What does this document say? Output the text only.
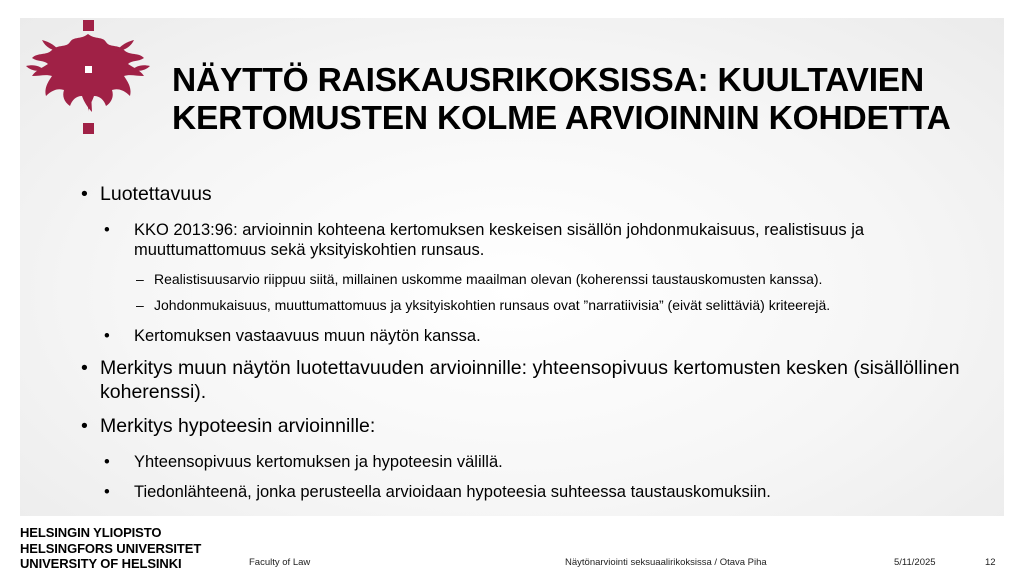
NÄYTTÖ RAISKAUSRIKOKSISSA: KUULTAVIEN KERTOMUSTEN KOLME ARVIOINNIN KOHDETTA
• Luotettavuus
• KKO 2013:96: arvioinnin kohteena kertomuksen keskeisen sisällön johdonmukaisuus, realistisuus ja muuttumattomuus sekä yksityiskohtien runsaus.
– Realistisuusarvio riippuu siitä, millainen uskomme maailman olevan (koherenssi taustauskomusten kanssa).
– Johdonmukaisuus, muuttumattomuus ja yksityiskohtien runsaus ovat ”narratiivisia” (eivät selittäviä) kriteerejä.
• Kertomuksen vastaavuus muun näytön kanssa.
• Merkitys muun näytön luotettavuuden arvioinnille: yhteensopivuus kertomusten kesken (sisällöllinen koherenssi).
• Merkitys hypoteesin arvioinnille:
• Yhteensopivuus kertomuksen ja hypoteesin välillä.
• Tiedonlähteenä, jonka perusteella arvioidaan hypoteesia suhteessa taustauskomuksiin.
HELSINGIN YLIOPISTO
HELSINGFORS UNIVERSITET
UNIVERSITY OF HELSINKI	Faculty of Law	Näytönarviointi seksuaalirikoksissa / Otava Piha	5/11/2025	12
